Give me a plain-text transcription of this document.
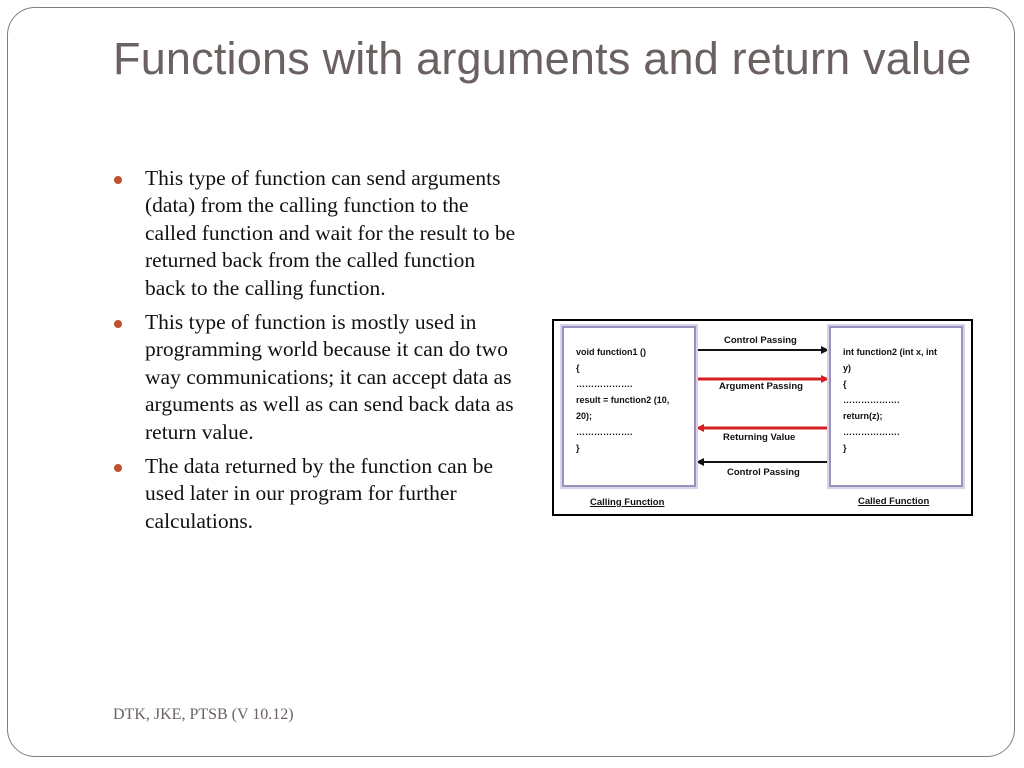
Functions with arguments and return value
This type of function can send arguments (data) from the calling function to the called function and wait for the result to be returned back from the called function back to the calling function.
This type of function is mostly used in programming world because it can do two way communications; it can accept data as arguments as well as can send back data as return value.
The data returned by the function can be used later in our program for further calculations.
void function1 ()
{
……………….
result = function2 (10,
20);
……………….
}
int function2 (int x, int
y)
{
……………….
return(z);
……………….
}
Control Passing
Argument Passing
Returning Value
Control Passing
Calling Function	Called Function
DTK, JKE, PTSB (V 10.12)
